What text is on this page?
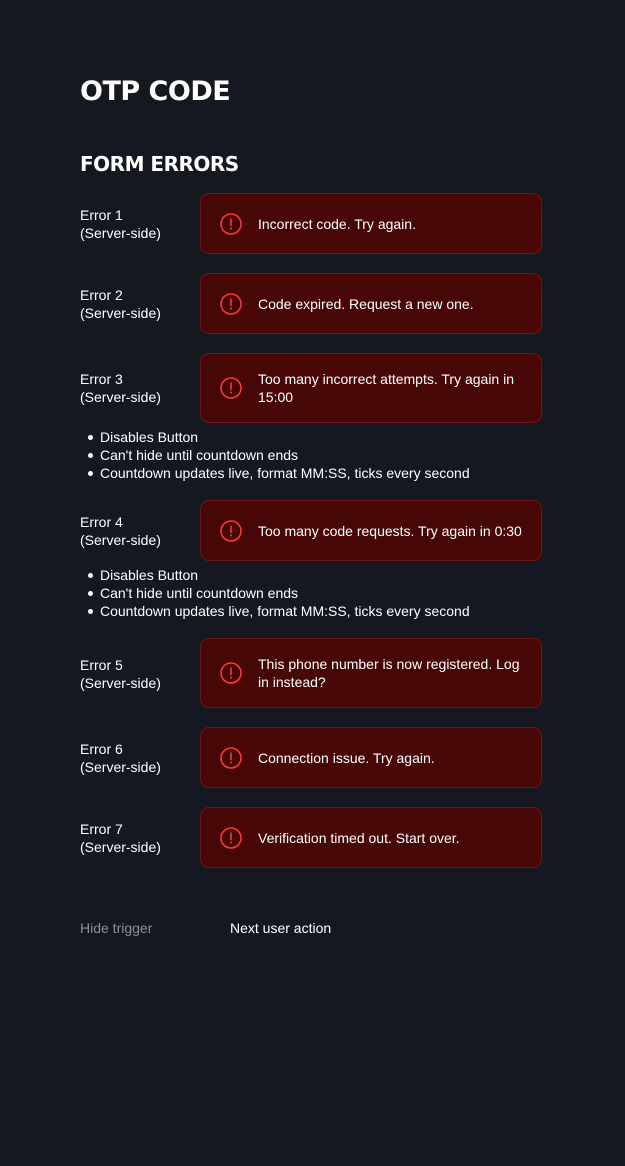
OTP CODE
FORM ERRORS
Error 1
(Server-side)
Incorrect code. Try again.
Error 2
(Server-side)
Code expired. Request a new one.
Error 3
(Server-side)
Too many incorrect attempts. Try again in 15:00
Disables Button
Can't hide until countdown ends
Countdown updates live, format MM:SS, ticks every second
Error 4
(Server-side)
Too many code requests. Try again in 0:30
Disables Button
Can't hide until countdown ends
Countdown updates live, format MM:SS, ticks every second
Error 5
(Server-side)
This phone number is now registered. Log in instead?
Error 6
(Server-side)
Connection issue. Try again.
Error 7
(Server-side)
Verification timed out. Start over.
Hide trigger	Next user action
